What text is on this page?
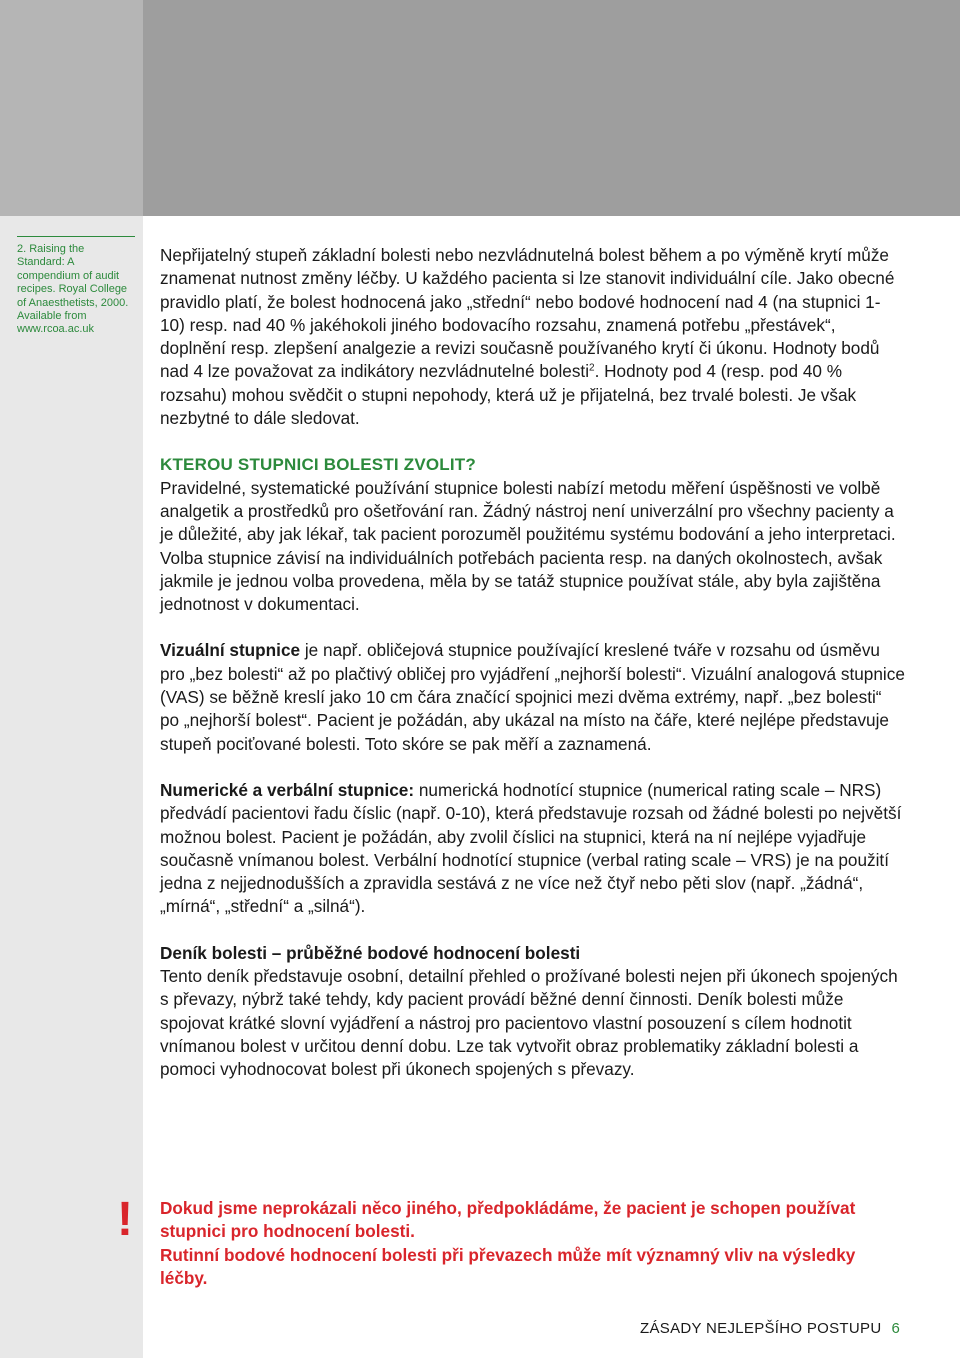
2. Raising the Standard: A compendium of audit recipes. Royal College of Anaesthetists, 2000. Available from www.rcoa.ac.uk

Nepřijatelný stupeň základní bolesti nebo nezvládnutelná bolest během a po výměně krytí může znamenat nutnost změny léčby. U každého pacienta si lze stanovit individuální cíle. Jako obecné pravidlo platí, že bolest hodnocená jako „střední“ nebo bodové hodnocení nad 4 (na stupnici 1-10) resp. nad 40 % jakéhokoli jiného bodovacího rozsahu, znamená potřebu „přestávek“, doplnění resp. zlepšení analgezie a revizi současně používaného krytí či úkonu. Hodnoty bodů nad 4 lze považovat za indikátory nezvládnutelné bolesti$^2$. Hodnoty pod 4 (resp. pod 40 % rozsahu) mohou svědčit o stupni nepohody, která už je přijatelná, bez trvalé bolesti. Je však nezbytné to dále sledovat.

KTEROU STUPNICI BOLESTI ZVOLIT?

Pravidelné, systematické používání stupnice bolesti nabízí metodu měření úspěšnosti ve volbě analgetik a prostředků pro ošetřování ran. Žádný nástroj není univerzální pro všechny pacienty a je důležité, aby jak lékař, tak pacient porozuměl použitému systému bodování a jeho interpretaci. Volba stupnice závisí na individuálních potřebách pacienta resp. na daných okolnostech, avšak jakmile je jednou volba provedena, měla by se tatáž stupnice používat stále, aby byla zajištěna jednotnost v dokumentaci.

Vizuální stupnice je např. obličejová stupnice používající kreslené tváře v rozsahu od úsměvu pro „bez bolesti“ až po plačtivý obličej pro vyjádření „nejhorší bolesti“. Vizuální analogová stupnice (VAS) se běžně kreslí jako 10 cm čára značící spojnici mezi dvěma extrémy, např. „bez bolesti“ po „nejhorší bolest“. Pacient je požádán, aby ukázal na místo na čáře, které nejlépe představuje stupeň pociťované bolesti. Toto skóre se pak měří a zaznamená.

Numerické a verbální stupnice: numerická hodnotící stupnice (numerical rating scale – NRS) předvádí pacientovi řadu číslic (např. 0-10), která představuje rozsah od žádné bolesti po největší možnou bolest. Pacient je požádán, aby zvolil číslici na stupnici, která na ní nejlépe vyjadřuje současně vnímanou bolest. Verbální hodnotící stupnice (verbal rating scale – VRS) je na použití jedna z nejjednodušších a zpravidla sestává z ne více než čtyř nebo pěti slov (např. „žádná“, „mírná“, „střední“ a „silná“).

Deník bolesti – průběžné bodové hodnocení bolesti

Tento deník představuje osobní, detailní přehled o prožívané bolesti nejen při úkonech spojených s převazy, nýbrž také tehdy, kdy pacient provádí běžné denní činnosti. Deník bolesti může spojovat krátké slovní vyjádření a nástroj pro pacientovo vlastní posouzení s cílem hodnotit vnímanou bolest v určitou denní dobu. Lze tak vytvořit obraz problematiky základní bolesti a pomoci vyhodnocovat bolest při úkonech spojených s převazy.

! Dokud jsme neprokázali něco jiného, předpokládáme, že pacient je schopen používat stupnici pro hodnocení bolesti.

Rutinní bodové hodnocení bolesti při převazech může mít významný vliv na výsledky léčby.

ZÁSADY NEJLEPŠÍHO POSTUPU 6
